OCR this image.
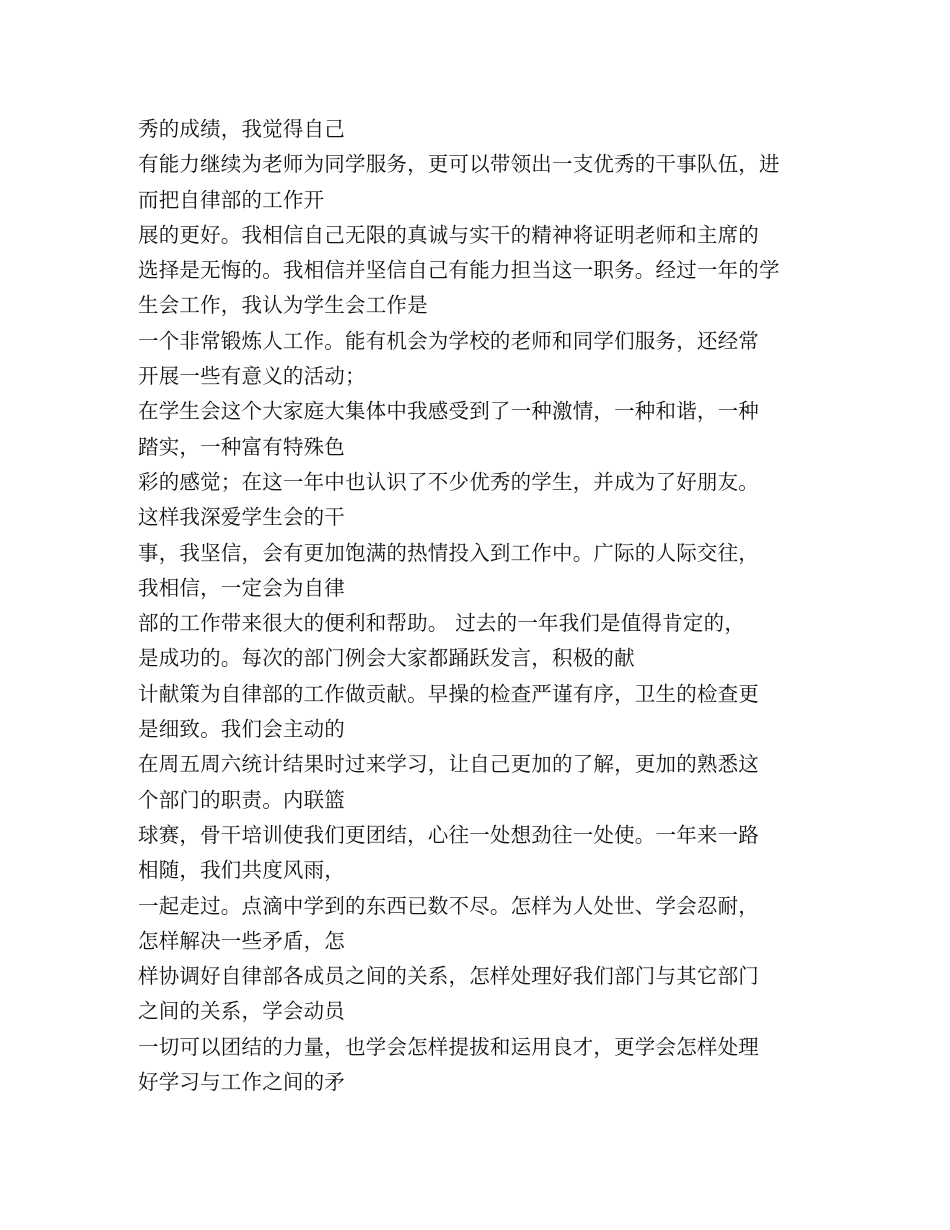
秀的成绩，我觉得自己
有能力继续为老师为同学服务，更可以带领出一支优秀的干事队伍，进
而把自律部的工作开
展的更好。我相信自己无限的真诚与实干的精神将证明老师和主席的
选择是无悔的。我相信并坚信自己有能力担当这一职务。经过一年的学
生会工作，我认为学生会工作是
一个非常锻炼人工作。能有机会为学校的老师和同学们服务，还经常
开展一些有意义的活动；
在学生会这个大家庭大集体中我感受到了一种激情，一种和谐，一种
踏实，一种富有特殊色
彩的感觉；在这一年中也认识了不少优秀的学生，并成为了好朋友。
这样我深爱学生会的干
事，我坚信，会有更加饱满的热情投入到工作中。广际的人际交往，
我相信，一定会为自律
部的工作带来很大的便利和帮助。 过去的一年我们是值得肯定的，
是成功的。每次的部门例会大家都踊跃发言，积极的献
计献策为自律部的工作做贡献。早操的检查严谨有序，卫生的检查更
是细致。我们会主动的
在周五周六统计结果时过来学习，让自己更加的了解，更加的熟悉这
个部门的职责。内联篮
球赛，骨干培训使我们更团结，心往一处想劲往一处使。一年来一路
相随，我们共度风雨，
一起走过。点滴中学到的东西已数不尽。怎样为人处世、学会忍耐，
怎样解决一些矛盾，怎
样协调好自律部各成员之间的关系，怎样处理好我们部门与其它部门
之间的关系，学会动员
一切可以团结的力量，也学会怎样提拔和运用良才，更学会怎样处理
好学习与工作之间的矛
